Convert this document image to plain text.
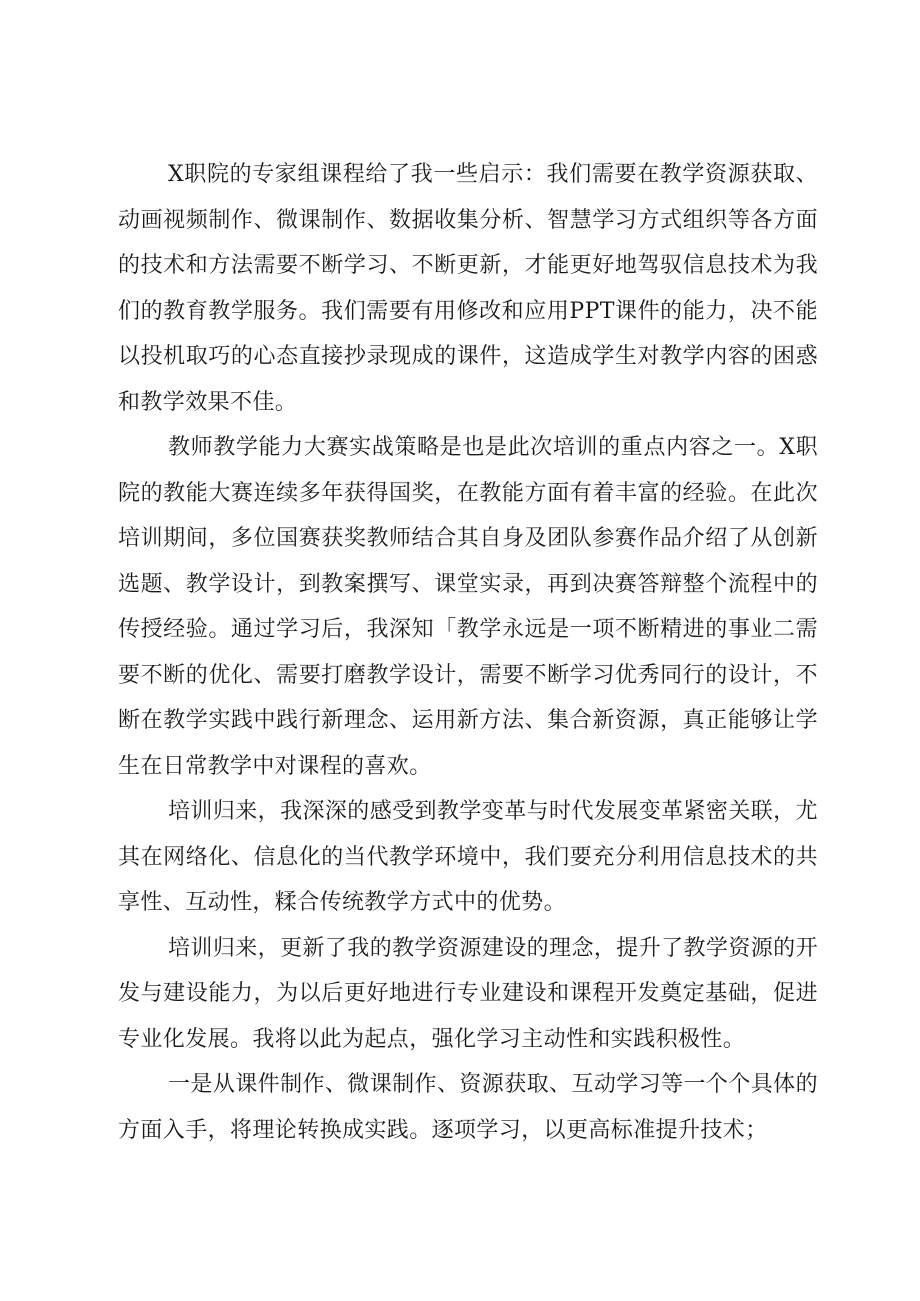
X职院的专家组课程给了我一些启示：我们需要在教学资源获取、动画视频制作、微课制作、数据收集分析、智慧学习方式组织等各方面的技术和方法需要不断学习、不断更新，才能更好地驾驭信息技术为我们的教育教学服务。我们需要有用修改和应用PPT课件的能力，决不能以投机取巧的心态直接抄录现成的课件，这造成学生对教学内容的困惑和教学效果不佳。

教师教学能力大赛实战策略是也是此次培训的重点内容之一。X职院的教能大赛连续多年获得国奖，在教能方面有着丰富的经验。在此次培训期间，多位国赛获奖教师结合其自身及团队参赛作品介绍了从创新选题、教学设计，到教案撰写、课堂实录，再到决赛答辩整个流程中的传授经验。通过学习后，我深知「教学永远是一项不断精进的事业二需要不断的优化、需要打磨教学设计，需要不断学习优秀同行的设计，不断在教学实践中践行新理念、运用新方法、集合新资源，真正能够让学生在日常教学中对课程的喜欢。

培训归来，我深深的感受到教学变革与时代发展变革紧密关联，尤其在网络化、信息化的当代教学环境中，我们要充分利用信息技术的共享性、互动性，糅合传统教学方式中的优势。

培训归来，更新了我的教学资源建设的理念，提升了教学资源的开发与建设能力，为以后更好地进行专业建设和课程开发奠定基础，促进专业化发展。我将以此为起点，强化学习主动性和实践积极性。

一是从课件制作、微课制作、资源获取、互动学习等一个个具体的方面入手，将理论转换成实践。逐项学习，以更高标准提升技术；
